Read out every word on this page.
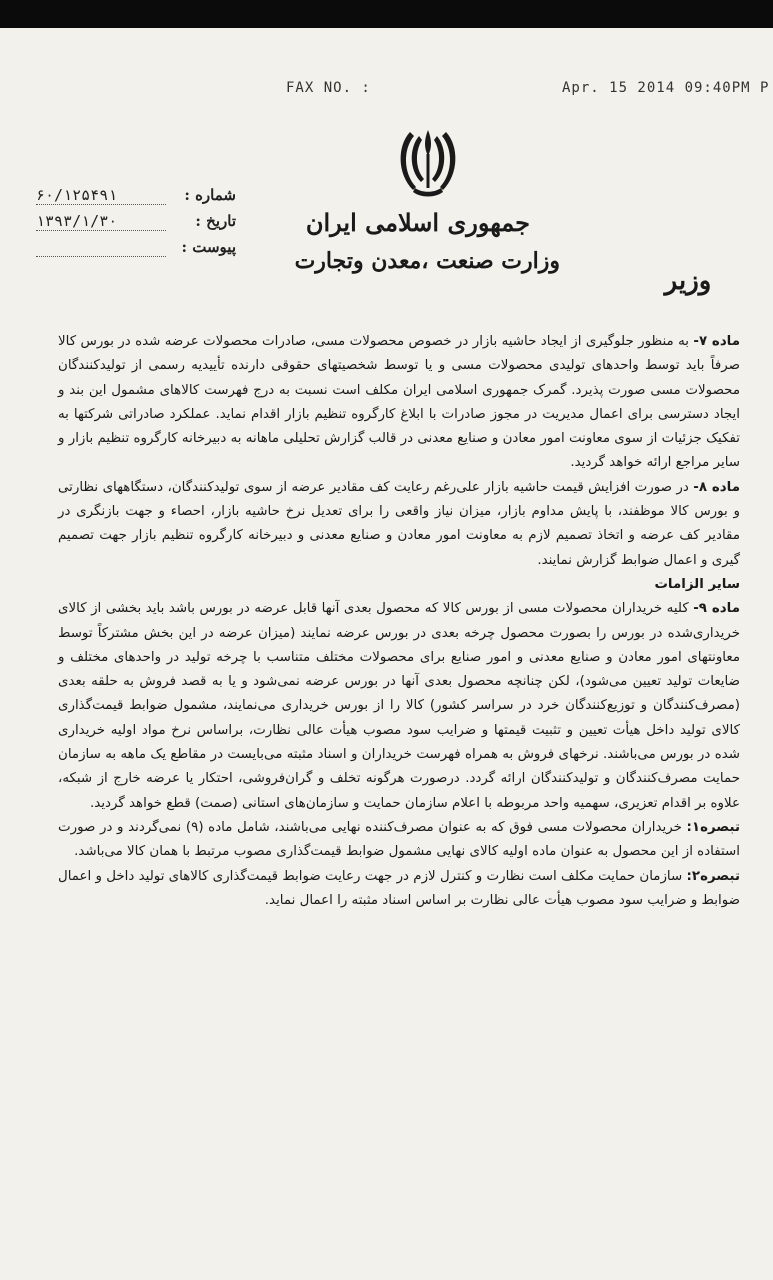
FAX NO. :	Apr. 15 2014 09:40PM P
جمهوری اسلامی ایران
وزارت صنعت ،معدن وتجارت
وزیر
۶۰/۱۲۵۴۹۱	شماره :
۱۳۹۳/۱/۳۰	تاریخ :

پیوست :

ماده ۷- به منظور جلوگیری از ایجاد حاشیه بازار در خصوص محصولات مسی، صادرات محصولات عرضه شده در بورس کالا صرفاً باید توسط واحدهای تولیدی محصولات مسی و یا توسط شخصیتهای حقوقی دارنده تأییدیه رسمی از تولیدکنندگان محصولات مسی صورت پذیرد. گمرک جمهوری اسلامی ایران مکلف است نسبت به درج فهرست کالاهای مشمول این بند و ایجاد دسترسی برای اعمال مدیریت در مجوز صادرات با ابلاغ کارگروه تنظیم بازار اقدام نماید. عملکرد صادراتی شرکتها به تفکیک جزئیات از سوی معاونت امور معادن و صنایع معدنی در قالب گزارش تحلیلی ماهانه به دبیرخانه کارگروه تنظیم بازار و سایر مراجع ارائه خواهد گردید.

ماده ۸- در صورت افزایش قیمت حاشیه بازار علی‌رغم رعایت کف مقادیر عرضه از سوی تولیدکنندگان، دستگاههای نظارتی و بورس کالا موظفند، با پایش مداوم بازار، میزان نیاز واقعی را برای تعدیل نرخ حاشیه بازار، احصاء و جهت بازنگری در مقادیر کف عرضه و اتخاذ تصمیم لازم به معاونت امور معادن و صنایع معدنی و دبیرخانه کارگروه تنظیم بازار جهت تصمیم گیری و اعمال ضوابط گزارش نمایند.

سایر الزامات

ماده ۹- کلیه خریداران محصولات مسی از بورس کالا که محصول بعدی آنها قابل عرضه در بورس باشد باید بخشی از کالای خریداری‌شده در بورس را بصورت محصول چرخه بعدی در بورس عرضه نمایند (میزان عرضه در این بخش مشترکاً توسط معاونتهای امور معادن و صنایع معدنی و امور صنایع برای محصولات مختلف متناسب با چرخه تولید در واحدهای مختلف و ضایعات تولید تعیین می‌شود)، لکن چنانچه محصول بعدی آنها در بورس عرضه نمی‌شود و یا به قصد فروش به حلقه بعدی (مصرف‌کنندگان و توزیع‌کنندگان خرد در سراسر کشور) کالا را از بورس خریداری می‌نمایند، مشمول ضوابط قیمت‌گذاری کالای تولید داخل هیأت تعیین و تثبیت قیمتها و ضرایب سود مصوب هیأت عالی نظارت، براساس نرخ مواد اولیه خریداری شده در بورس می‌باشند. نرخهای فروش به همراه فهرست خریداران و اسناد مثبته می‌بایست در مقاطع یک ماهه به سازمان حمایت مصرف‌کنندگان و تولیدکنندگان ارائه گردد. درصورت هرگونه تخلف و گران‌فروشی، احتکار یا عرضه خارج از شبکه، علاوه بر اقدام تعزیری، سهمیه واحد مربوطه با اعلام سازمان حمایت و سازمان‌های استانی (صمت) قطع خواهد گردید.

تبصره۱: خریداران محصولات مسی فوق که به عنوان مصرف‌کننده نهایی می‌باشند، شامل ماده (۹) نمی‌گردند و در صورت استفاده از این محصول به عنوان ماده اولیه کالای نهایی مشمول ضوابط قیمت‌گذاری مصوب مرتبط با همان کالا می‌باشد.

تبصره۲: سازمان حمایت مکلف است نظارت و کنترل لازم در جهت رعایت ضوابط قیمت‌گذاری کالاهای تولید داخل و اعمال ضوابط و ضرایب سود مصوب هیأت عالی نظارت بر اساس اسناد مثبته را اعمال نماید.
